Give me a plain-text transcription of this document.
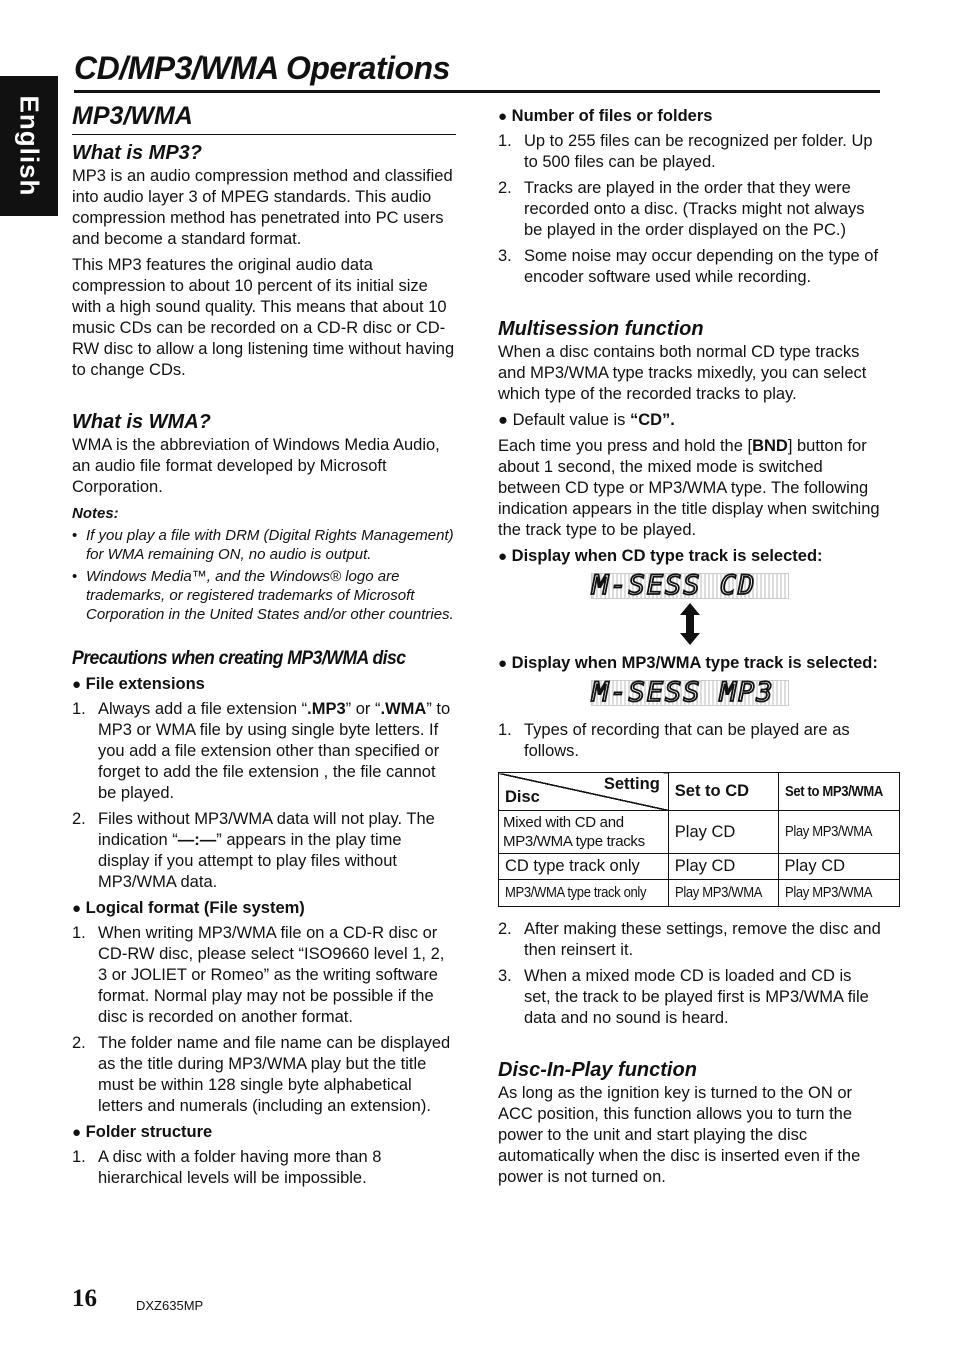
English
CD/MP3/WMA Operations
MP3/WMA
What is MP3?

MP3 is an audio compression method and classified into audio layer 3 of MPEG standards. This audio compression method has penetrated into PC users and become a standard format.

This MP3 features the original audio data compression to about 10 percent of its initial size with a high sound quality. This means that about 10 music CDs can be recorded on a CD-R disc or CD-RW disc to allow a long listening time without having to change CDs.

What is WMA?

WMA is the abbreviation of Windows Media Audio, an audio file format developed by Microsoft Corporation.

Notes:
• If you play a file with DRM (Digital Rights Management) for WMA remaining ON, no audio is output.
• Windows Media™, and the Windows® logo are trademarks, or registered trademarks of Microsoft Corporation in the United States and/or other countries.
Precautions when creating MP3/WMA disc
● File extensions
1. Always add a file extension “.MP3” or “.WMA” to MP3 or WMA file by using single byte letters. If you add a file extension other than specified or forget to add the file extension , the file cannot be played.
2. Files without MP3/WMA data will not play. The indication “—:—” appears in the play time display if you attempt to play files without MP3/WMA data.
● Logical format (File system)
1. When writing MP3/WMA file on a CD-R disc or CD-RW disc, please select “ISO9660 level 1, 2, 3 or JOLIET or Romeo” as the writing software format. Normal play may not be possible if the disc is recorded on another format.
2. The folder name and file name can be displayed as the title during MP3/WMA play but the title must be within 128 single byte alphabetical letters and numerals (including an extension).
● Folder structure
1. A disc with a folder having more than 8 hierarchical levels will be impossible.
● Number of files or folders
1. Up to 255 files can be recognized per folder. Up to 500 files can be played.
2. Tracks are played in the order that they were recorded onto a disc. (Tracks might not always be played in the order displayed on the PC.)
3. Some noise may occur depending on the type of encoder software used while recording.
Multisession function

When a disc contains both normal CD type tracks and MP3/WMA type tracks mixedly, you can select which type of the recorded tracks to play.

● Default value is “CD”.

Each time you press and hold the [BND] button for about 1 second, the mixed mode is switched between CD type or MP3/WMA type. The following indication appears in the title display when switching the track type to be played.

● Display when CD type track is selected:
M-SESS CD
● Display when MP3/WMA type track is selected:
M-SESS MP3
1. Types of recording that can be played are as follows.
Setting
Disc	Set to CD	Set to MP3/WMA
Mixed with CD and MP3/WMA type tracks	Play CD	Play MP3/WMA
CD type track only	Play CD	Play CD
MP3/WMA type track only	Play MP3/WMA	Play MP3/WMA
2. After making these settings, remove the disc and then reinsert it.
3. When a mixed mode CD is loaded and CD is set, the track to be played first is MP3/WMA file data and no sound is heard.
Disc-In-Play function

As long as the ignition key is turned to the ON or ACC position, this function allows you to turn the power to the unit and start playing the disc automatically when the disc is inserted even if the power is not turned on.

16	DXZ635MP
